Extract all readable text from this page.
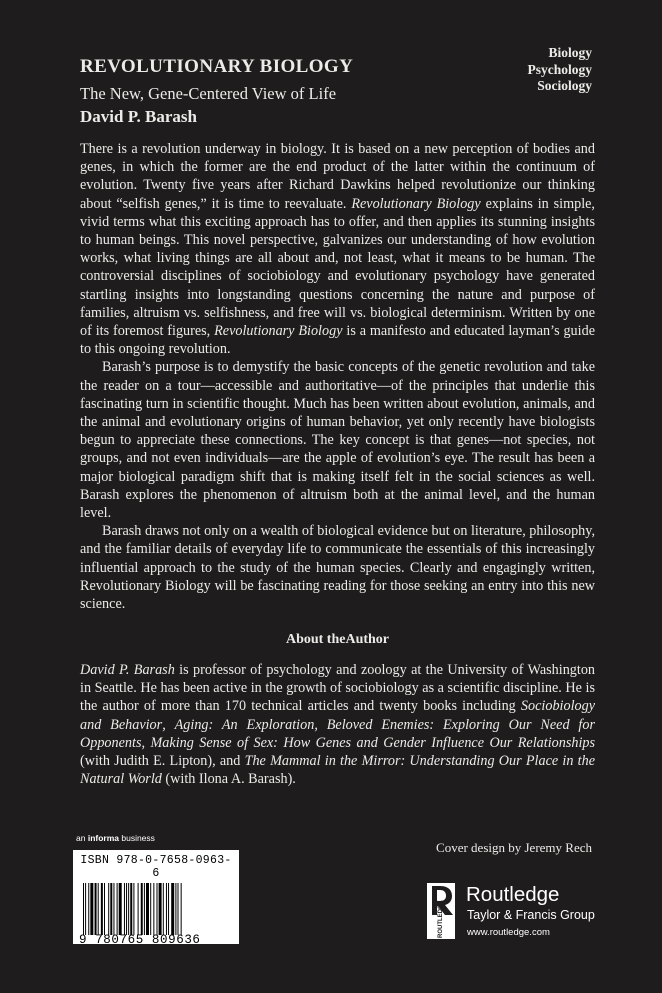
Biology
Psychology
Sociology
REVOLUTIONARY BIOLOGY
The New, Gene-Centered View of Life
David P. Barash

There is a revolution underway in biology. It is based on a new perception of bodies and genes, in which the former are the end product of the latter within the continuum of evolution. Twenty five years after Richard Dawkins helped revolutionize our thinking about “selfish genes,” it is time to reevaluate. Revolutionary Biology explains in simple, vivid terms what this exciting approach has to offer, and then applies its stunning insights to human beings. This novel perspective, galvanizes our understanding of how evolution works, what living things are all about and, not least, what it means to be human. The controversial disciplines of sociobiology and evolutionary psychology have generated startling insights into longstanding questions concerning the nature and purpose of families, altruism vs. selfishness, and free will vs. biological determinism. Written by one of its foremost figures, Revolutionary Biology is a manifesto and educated layman’s guide to this ongoing revolution.

Barash’s purpose is to demystify the basic concepts of the genetic revolution and take the reader on a tour—accessible and authoritative—of the principles that underlie this fascinating turn in scientific thought. Much has been written about evolution, animals, and the animal and evolutionary origins of human behavior, yet only recently have biologists begun to appreciate these connections. The key concept is that genes—not species, not groups, and not even individuals—are the apple of evolution’s eye. The result has been a major biological paradigm shift that is making itself felt in the social sciences as well. Barash explores the phenomenon of altruism both at the animal level, and the human level.

Barash draws not only on a wealth of biological evidence but on literature, philosophy, and the familiar details of everyday life to communicate the essentials of this increasingly influential approach to the study of the human species. Clearly and engagingly written, Revolutionary Biology will be fascinating reading for those seeking an entry into this new science.

About theAuthor

David P. Barash is professor of psychology and zoology at the University of Washington in Seattle. He has been active in the growth of sociobiology as a scientific discipline. He is the author of more than 170 technical articles and twenty books including Sociobiology and Behavior, Aging: An Exploration, Beloved Enemies: Exploring Our Need for Opponents, Making Sense of Sex: How Genes and Gender Influence Our Relationships (with Judith E. Lipton), and The Mammal in the Mirror: Understanding Our Place in the Natural World (with Ilona A. Barash).

an informa business
ISBN 978-0-7658-0963-6
9 780765 809636
Cover design by Jeremy Rech
ROUTLEDGE
Routledge
Taylor & Francis Group
www.routledge.com
